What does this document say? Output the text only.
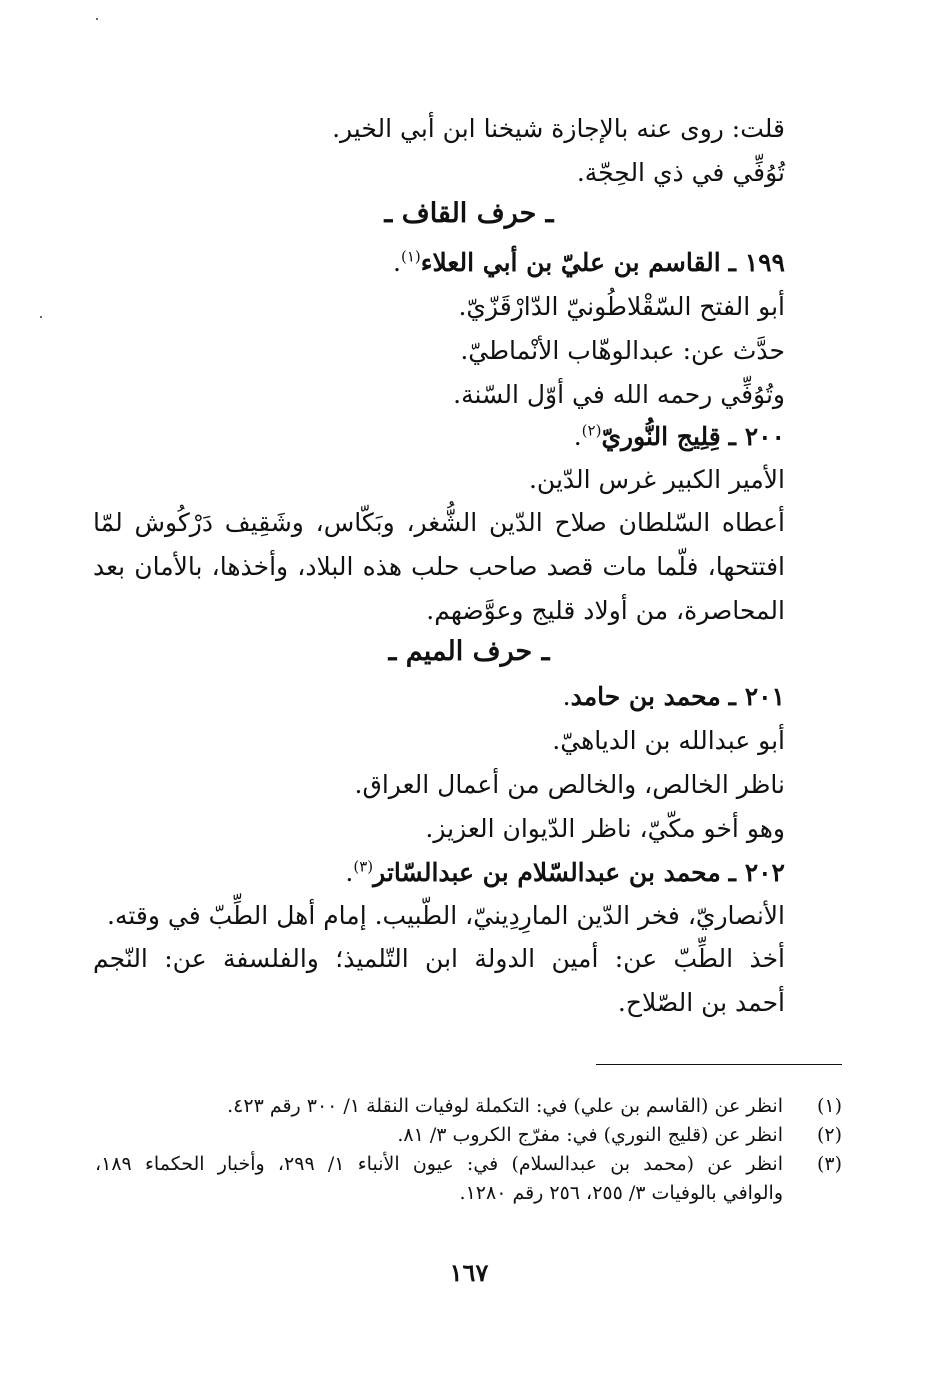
قلت: روى عنه بالإجازة شيخنا ابن أبي الخير.
تُوُفِّي في ذي الحِجّة.
ـ حرف القاف ـ
١٩٩ ـ القاسم بن عليّ بن أبي العلاء$^{(١)}$.
أبو الفتح السّقْلاطُونيّ الدّارْقَزّيّ.
حدَّث عن: عبدالوهّاب الأنْماطيّ.
وتُوُفِّي رحمه الله في أوّل السّنة.
٢٠٠ ـ قِلِيج النُّوريّ$^{(٢)}$.
الأمير الكبير غرس الدّين.
أعطاه السّلطان صلاح الدّين الشُّغر، وبَكّاس، وشَقِيف دَرْكُوش لمّا
افتتحها، فلّما مات قصد صاحب حلب هذه البلاد، وأخذها، بالأمان بعد
المحاصرة، من أولاد قليج وعوَّضهم.
ـ حرف الميم ـ
٢٠١ ـ محمد بن حامد.
أبو عبدالله بن الدياهيّ.
ناظر الخالص، والخالص من أعمال العراق.
وهو أخو مكّيّ، ناظر الدّيوان العزيز.
٢٠٢ ـ محمد بن عبدالسّلام بن عبدالسّاتر$^{(٣)}$.
الأنصاريّ، فخر الدّين المارِدِينيّ، الطّبيب. إمام أهل الطِّبّ في وقته.
أخذ الطِّبّ عن: أمين الدولة ابن التّلميذ؛ والفلسفة عن: النّجم
أحمد بن الصّلاح.
(١)
انظر عن (القاسم بن علي) في: التكملة لوفيات النقلة ١/ ٣٠٠ رقم ٤٢٣.
(٢)
انظر عن (قليج النوري) في: مفرّج الكروب ٣/ ٨١.
(٣)
انظر عن (محمد بن عبدالسلام) في: عيون الأنباء ١/ ٢٩٩، وأخبار الحكماء ١٨٩،
والوافي بالوفيات ٣/ ٢٥٥، ٢٥٦ رقم ١٢٨٠.
١٦٧
